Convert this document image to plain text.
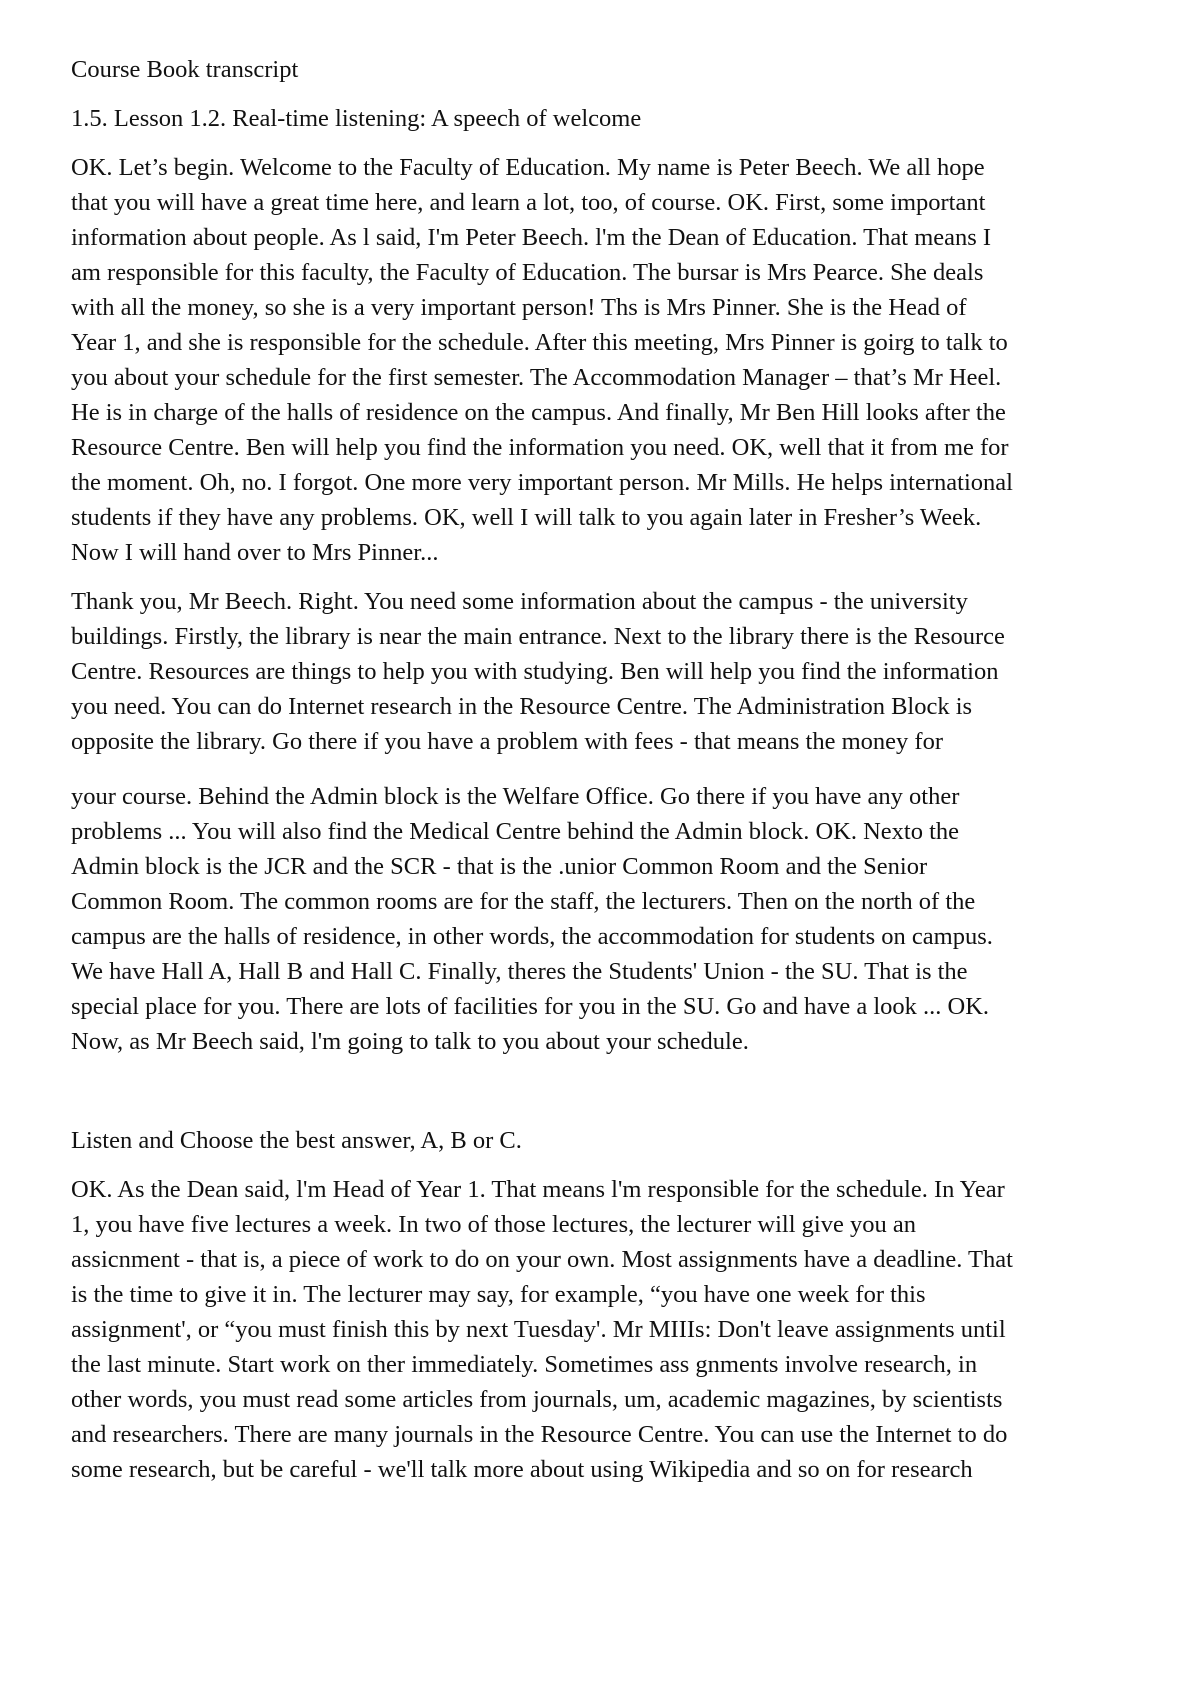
Course Book transcript

1.5. Lesson 1.2. Real-time listening: A speech of welcome

OK. Let’s begin. Welcome to the Faculty of Education. My name is Peter Beech. We all hope
that you will have a great time here, and learn a lot, too, of course. OK. First, some important
information about people. As l said, I'm Peter Beech. l'm the Dean of Education. That means I
am responsible for this faculty, the Faculty of Education. The bursar is Mrs Pearce. She deals
with all the money, so she is a very important person! Ths is Mrs Pinner. She is the Head of
Year 1, and she is responsible for the schedule. After this meeting, Mrs Pinner is goirg to talk to
you about your schedule for the first semester. The Accommodation Manager – that’s Mr Heel.
He is in charge of the halls of residence on the campus. And finally, Mr Ben Hill looks after the
Resource Centre. Ben will help you find the information you need. OK, well that it from me for
the moment. Oh, no. I forgot. One more very important person. Mr Mills. He helps international
students if they have any problems. OK, well I will talk to you again later in Fresher’s Week.
Now I will hand over to Mrs Pinner...

Thank you, Mr Beech. Right. You need some information about the campus - the university
buildings. Firstly, the library is near the main entrance. Next to the library there is the Resource
Centre. Resources are things to help you with studying. Ben will help you find the information
you need. You can do Internet research in the Resource Centre. The Administration Block is
opposite the library. Go there if you have a problem with fees - that means the money for

your course. Behind the Admin block is the Welfare Office. Go there if you have any other
problems ... You will also find the Medical Centre behind the Admin block. OK. Nexto the
Admin block is the JCR and the SCR - that is the .unior Common Room and the Senior
Common Room. The common rooms are for the staff, the lecturers. Then on the north of the
campus are the halls of residence, in other words, the accommodation for students on campus.
We have Hall A, Hall B and Hall C. Finally, theres the Students' Union - the SU. That is the
special place for you. There are lots of facilities for you in the SU. Go and have a look ... OK.
Now, as Mr Beech said, l'm going to talk to you about your schedule.

Listen and Choose the best answer, A, B or C.

OK. As the Dean said, l'm Head of Year 1. That means l'm responsible for the schedule. In Year
1, you have five lectures a week. In two of those lectures, the lecturer will give you an
assicnment - that is, a piece of work to do on your own. Most assignments have a deadline. That
is the time to give it in. The lecturer may say, for example, “you have one week for this
assignment', or “you must finish this by next Tuesday'. Mr MIIIs: Don't leave assignments until
the last minute. Start work on ther immediately. Sometimes ass gnments involve research, in
other words, you must read some articles from journals, um, academic magazines, by scientists
and researchers. There are many journals in the Resource Centre. You can use the Internet to do
some research, but be careful - we'll talk more about using Wikipedia and so on for research
